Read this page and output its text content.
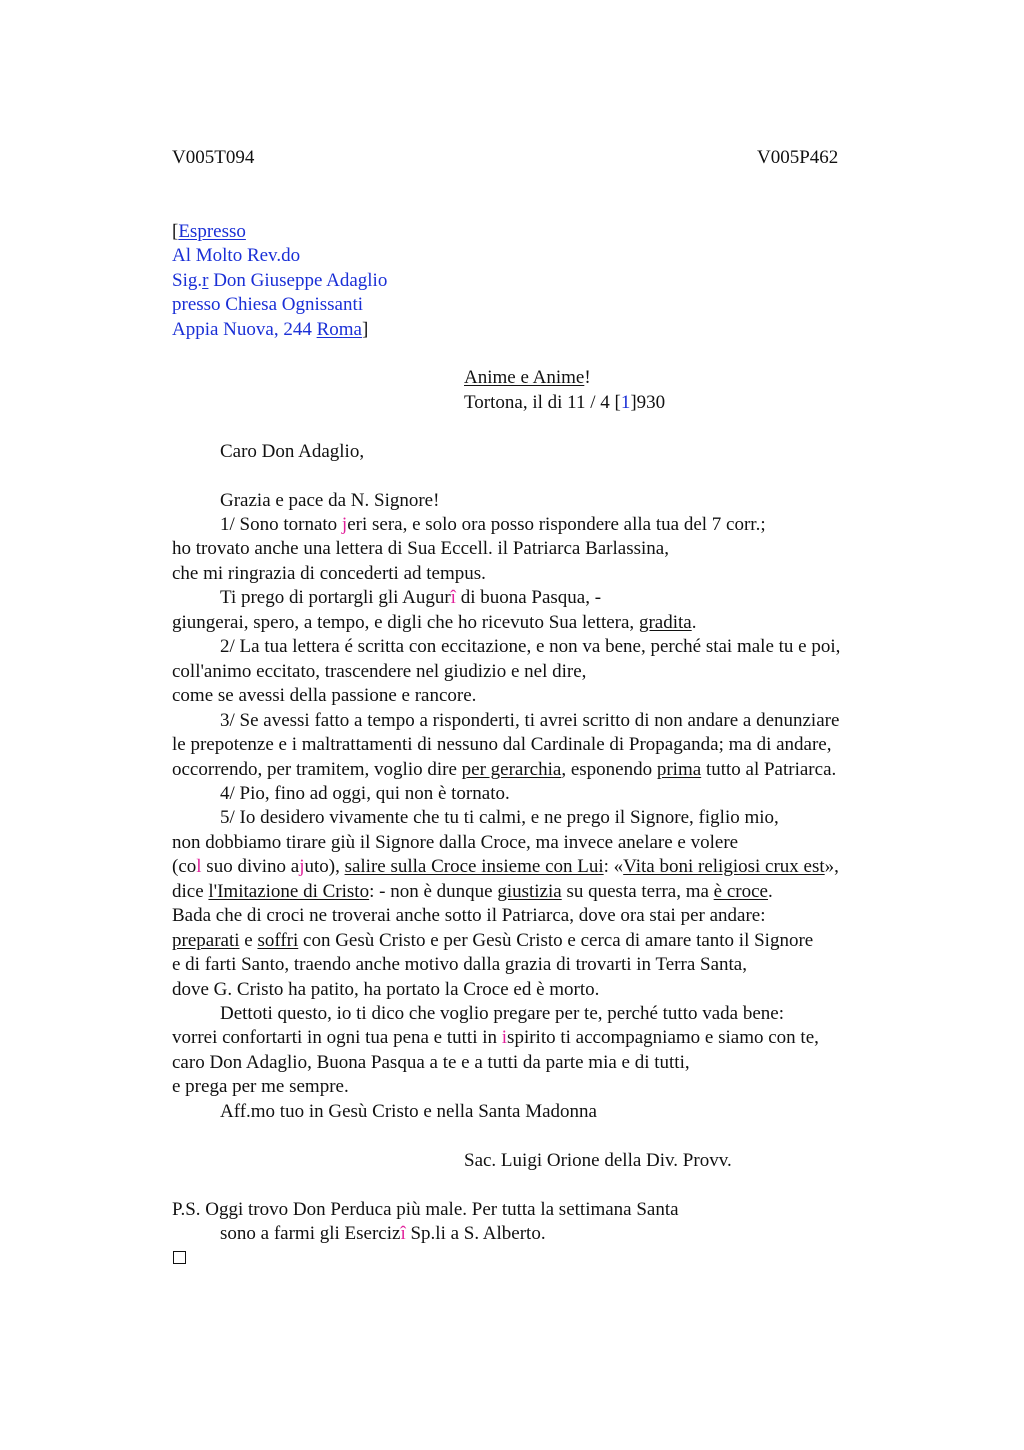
V005T094	V005P462
[Espresso
Al Molto Rev.do
Sig.r Don Giuseppe Adaglio
presso Chiesa Ognissanti
Appia Nuova, 244 Roma]
Anime e Anime!
Tortona, il di 11 / 4 [1]930
Caro Don Adaglio,
Grazia e pace da N. Signore!
1/ Sono tornato jeri sera, e solo ora posso rispondere alla tua del 7 corr.;
ho trovato anche una lettera di Sua Eccell. il Patriarca Barlassina,
che mi ringrazia di concederti ad tempus.
Ti prego di portargli gli Augurî di buona Pasqua, -
giungerai, spero, a tempo, e digli che ho ricevuto Sua lettera, gradita.
2/ La tua lettera é scritta con eccitazione, e non va bene, perché stai male tu e poi,
coll'animo eccitato, trascendere nel giudizio e nel dire,
come se avessi della passione e rancore.
3/ Se avessi fatto a tempo a risponderti, ti avrei scritto di non andare a denunziare
le prepotenze e i maltrattamenti di nessuno dal Cardinale di Propaganda; ma di andare,
occorrendo, per tramitem, voglio dire per gerarchia, esponendo prima tutto al Patriarca.
4/ Pio, fino ad oggi, qui non è tornato.
5/ Io desidero vivamente che tu ti calmi, e ne prego il Signore, figlio mio,
non dobbiamo tirare giù il Signore dalla Croce, ma invece anelare e volere
(col suo divino ajuto), salire sulla Croce insieme con Lui: «Vita boni religiosi crux est»,
dice l'Imitazione di Cristo: - non è dunque giustizia su questa terra, ma è croce.
Bada che di croci ne troverai anche sotto il Patriarca, dove ora stai per andare:
preparati e soffri con Gesù Cristo e per Gesù Cristo e cerca di amare tanto il Signore
e di farti Santo, traendo anche motivo dalla grazia di trovarti in Terra Santa,
dove G. Cristo ha patito, ha portato la Croce ed è morto.
Dettoti questo, io ti dico che voglio pregare per te, perché tutto vada bene:
vorrei confortarti in ogni tua pena e tutti in ispirito ti accompagniamo e siamo con te,
caro Don Adaglio, Buona Pasqua a te e a tutti da parte mia e di tutti,
e prega per me sempre.
Aff.mo tuo in Gesù Cristo e nella Santa Madonna
Sac. Luigi Orione della Div. Provv.
P.S. Oggi trovo Don Perduca più male. Per tutta la settimana Santa
sono a farmi gli Esercizî Sp.li a S. Alberto.
